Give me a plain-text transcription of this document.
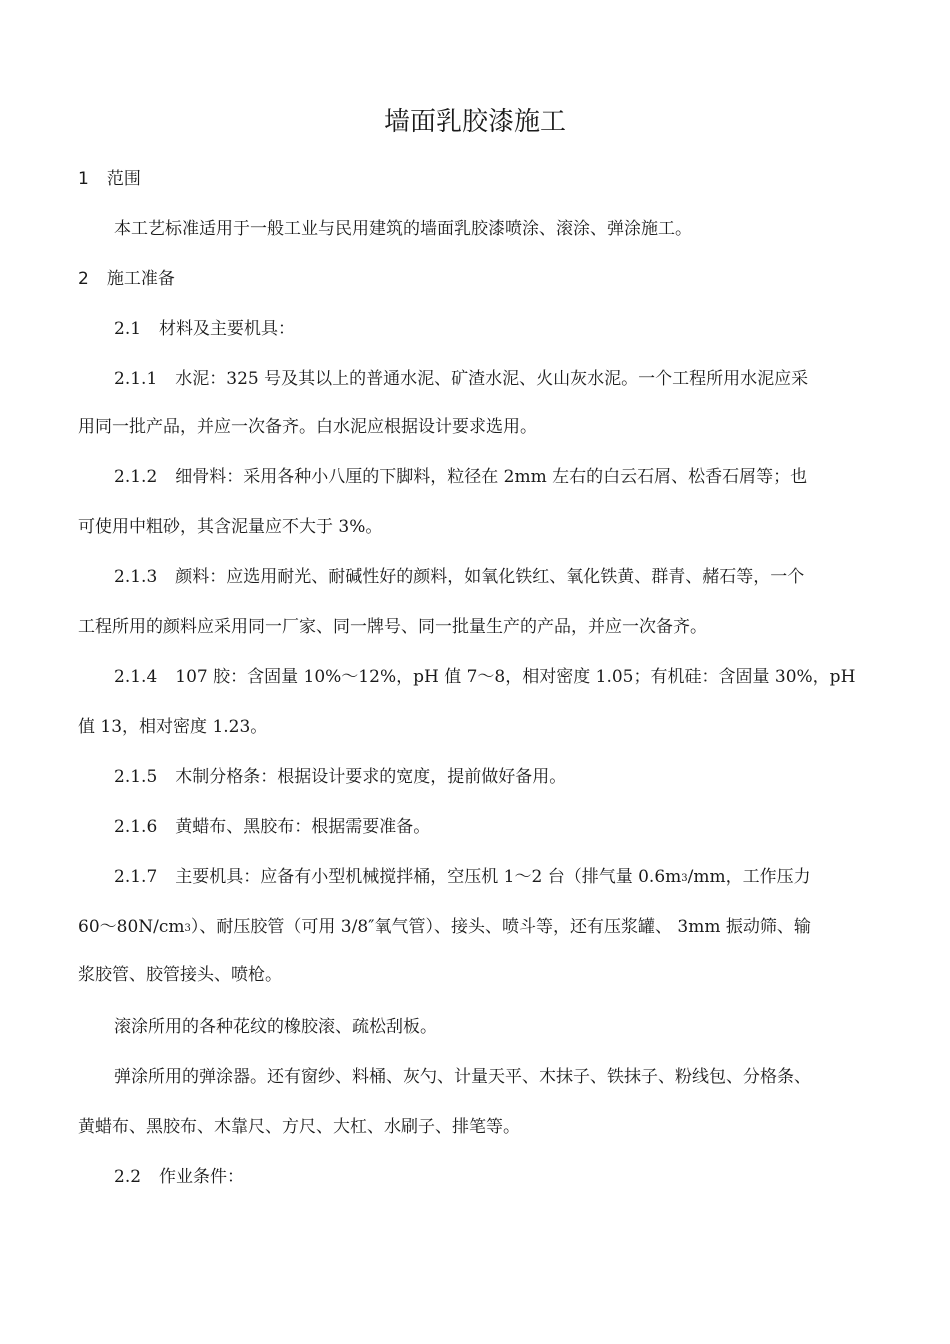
墙面乳胶漆施工
1 范围
本工艺标准适用于一般工业与民用建筑的墙面乳胶漆喷涂、滚涂、弹涂施工。
2 施工准备
2.1 材料及主要机具：
2.1.1 水泥：325 号及其以上的普通水泥、矿渣水泥、火山灰水泥。一个工程所用水泥应采
用同一批产品，并应一次备齐。白水泥应根据设计要求选用。
2.1.2 细骨料：采用各种小八厘的下脚料，粒径在 2mm 左右的白云石屑、松香石屑等；也
可使用中粗砂，其含泥量应不大于 3%。
2.1.3 颜料：应选用耐光、耐碱性好的颜料，如氧化铁红、氧化铁黄、群青、赭石等，一个
工程所用的颜料应采用同一厂家、同一牌号、同一批量生产的产品，并应一次备齐。
2.1.4 107 胶：含固量 10%～12%，pH 值 7～8，相对密度 1.05；有机硅：含固量 30%，pH
值 13，相对密度 1.23。
2.1.5 木制分格条：根据设计要求的宽度，提前做好备用。
2.1.6 黄蜡布、黑胶布：根据需要准备。
2.1.7 主要机具：应备有小型机械搅拌桶，空压机 1～2 台（排气量 0.6m3/mm，工作压力
60～80N/cm3）、耐压胶管（可用 3/8″氧气管）、接头、喷斗等，还有压浆罐、 3mm 振动筛、输
浆胶管、胶管接头、喷枪。
滚涂所用的各种花纹的橡胶滚、疏松刮板。
弹涂所用的弹涂器。还有窗纱、料桶、灰勺、计量天平、木抹子、铁抹子、粉线包、分格条、
黄蜡布、黑胶布、木靠尺、方尺、大杠、水刷子、排笔等。
2.2 作业条件：
